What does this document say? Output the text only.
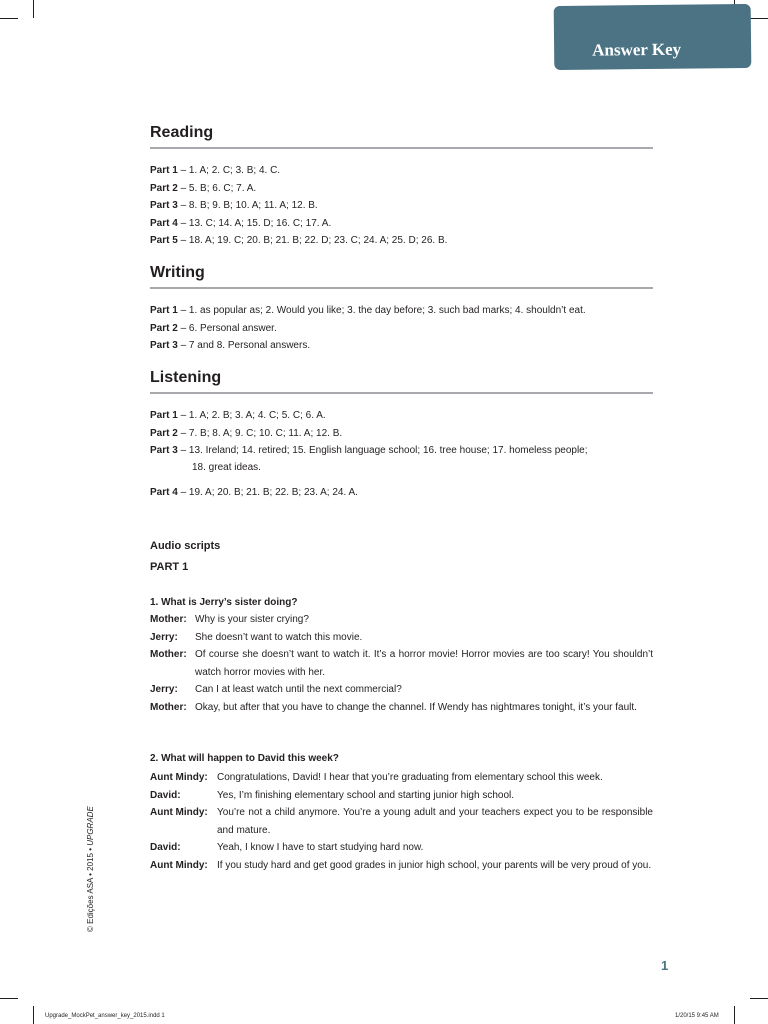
Answer Key
Reading
Part 1 – 1. A; 2. C; 3. B; 4. C.
Part 2 – 5. B; 6. C; 7. A.
Part 3 – 8. B; 9. B; 10. A; 11. A; 12. B.
Part 4 – 13. C; 14. A; 15. D; 16. C; 17. A.
Part 5 – 18. A; 19. C; 20. B; 21. B; 22. D; 23. C; 24. A; 25. D; 26. B.
Writing
Part 1 – 1. as popular as; 2. Would you like; 3. the day before; 3. such bad marks; 4. shouldn’t eat.
Part 2 – 6. Personal answer.
Part 3 – 7 and 8. Personal answers.
Listening
Part 1 – 1. A; 2. B; 3. A; 4. C; 5. C; 6. A.
Part 2 – 7. B; 8. A; 9. C; 10. C; 11. A; 12. B.
Part 3 – 13. Ireland; 14. retired; 15. English language school; 16. tree house; 17. homeless people;
18. great ideas.
Part 4 – 19. A; 20. B; 21. B; 22. B; 23. A; 24. A.
Audio scripts
PART 1
1. What is Jerry’s sister doing?
Mother: Why is your sister crying?
Jerry:	She doesn’t want to watch this movie.
Mother: Of course she doesn’t want to watch it. It’s a horror movie! Horror movies are too scary! You shouldn’t watch horror movies with her.
Jerry:	Can I at least watch until the next commercial?
Mother: Okay, but after that you have to change the channel. If Wendy has nightmares tonight, it’s your fault.
2. What will happen to David this week?
Aunt Mindy: Congratulations, David! I hear that you’re graduating from elementary school this week.
David:	Yes, I’m finishing elementary school and starting junior high school.
Aunt Mindy: You’re not a child anymore. You’re a young adult and your teachers expect you to be responsible and mature.
David:	Yeah, I know I have to start studying hard now.
Aunt Mindy: If you study hard and get good grades in junior high school, your parents will be very proud of you.
© Edições ASA • 2015 • UPGRADE
1
Upgrade_MockPet_answer_key_2015.indd 1	1/20/15 9:45 AM
